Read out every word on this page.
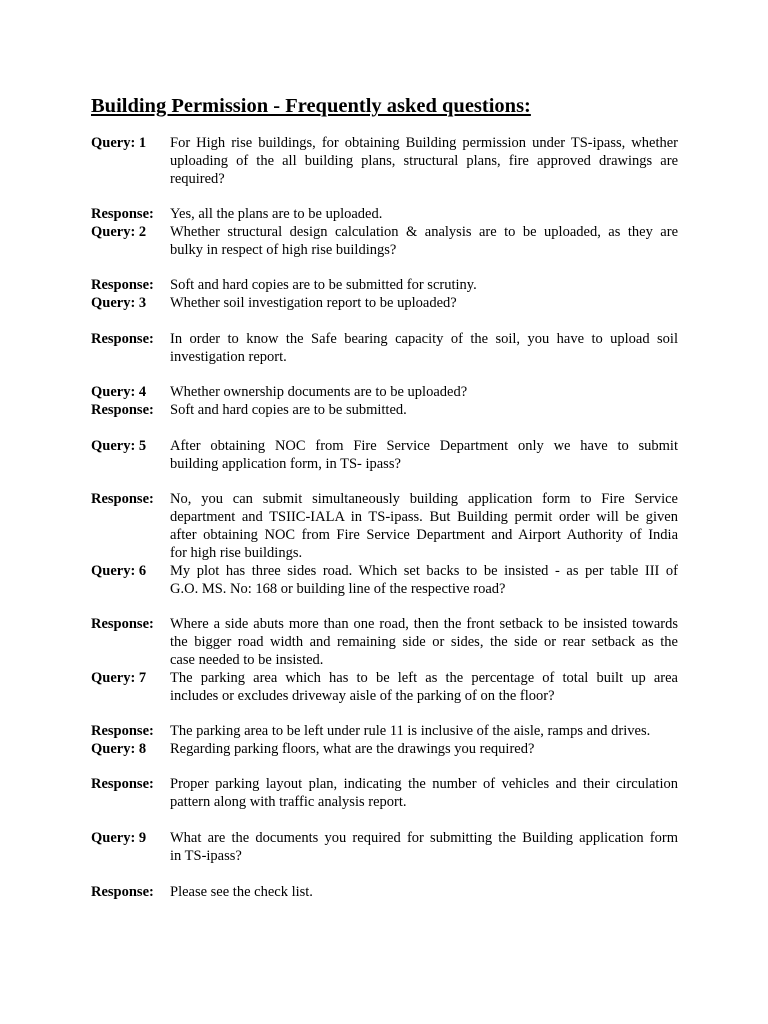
Building Permission - Frequently asked questions:
Query: 1 For High rise buildings, for obtaining Building permission under TS-ipass, whether
uploading of the all building plans, structural plans, fire approved drawings are
required?
Response: Yes, all the plans are to be uploaded.
Query: 2 Whether structural design calculation & analysis are to be uploaded, as they are
bulky in respect of high rise buildings?
Response: Soft and hard copies are to be submitted for scrutiny.
Query: 3 Whether soil investigation report to be uploaded?
Response: In order to know the Safe bearing capacity of the soil, you have to upload soil
investigation report.
Query: 4 Whether ownership documents are to be uploaded?
Response: Soft and hard copies are to be submitted.
Query: 5 After obtaining NOC from Fire Service Department only we have to submit
building application form, in TS- ipass?
Response: No, you can submit simultaneously building application form to Fire Service
department and TSIIC-IALA in TS-ipass. But Building permit order will be given
after obtaining NOC from Fire Service Department and Airport Authority of India
for high rise buildings.
Query: 6 My plot has three sides road. Which set backs to be insisted - as per table III of
G.O. MS. No: 168 or building line of the respective road?
Response: Where a side abuts more than one road, then the front setback to be insisted towards
the bigger road width and remaining side or sides, the side or rear setback as the
case needed to be insisted.
Query: 7 The parking area which has to be left as the percentage of total built up area
includes or excludes driveway aisle of the parking of on the floor?
Response: The parking area to be left under rule 11 is inclusive of the aisle, ramps and drives.
Query: 8 Regarding parking floors, what are the drawings you required?
Response: Proper parking layout plan, indicating the number of vehicles and their circulation
pattern along with traffic analysis report.
Query: 9 What are the documents you required for submitting the Building application form
in TS-ipass?
Response: Please see the check list.
